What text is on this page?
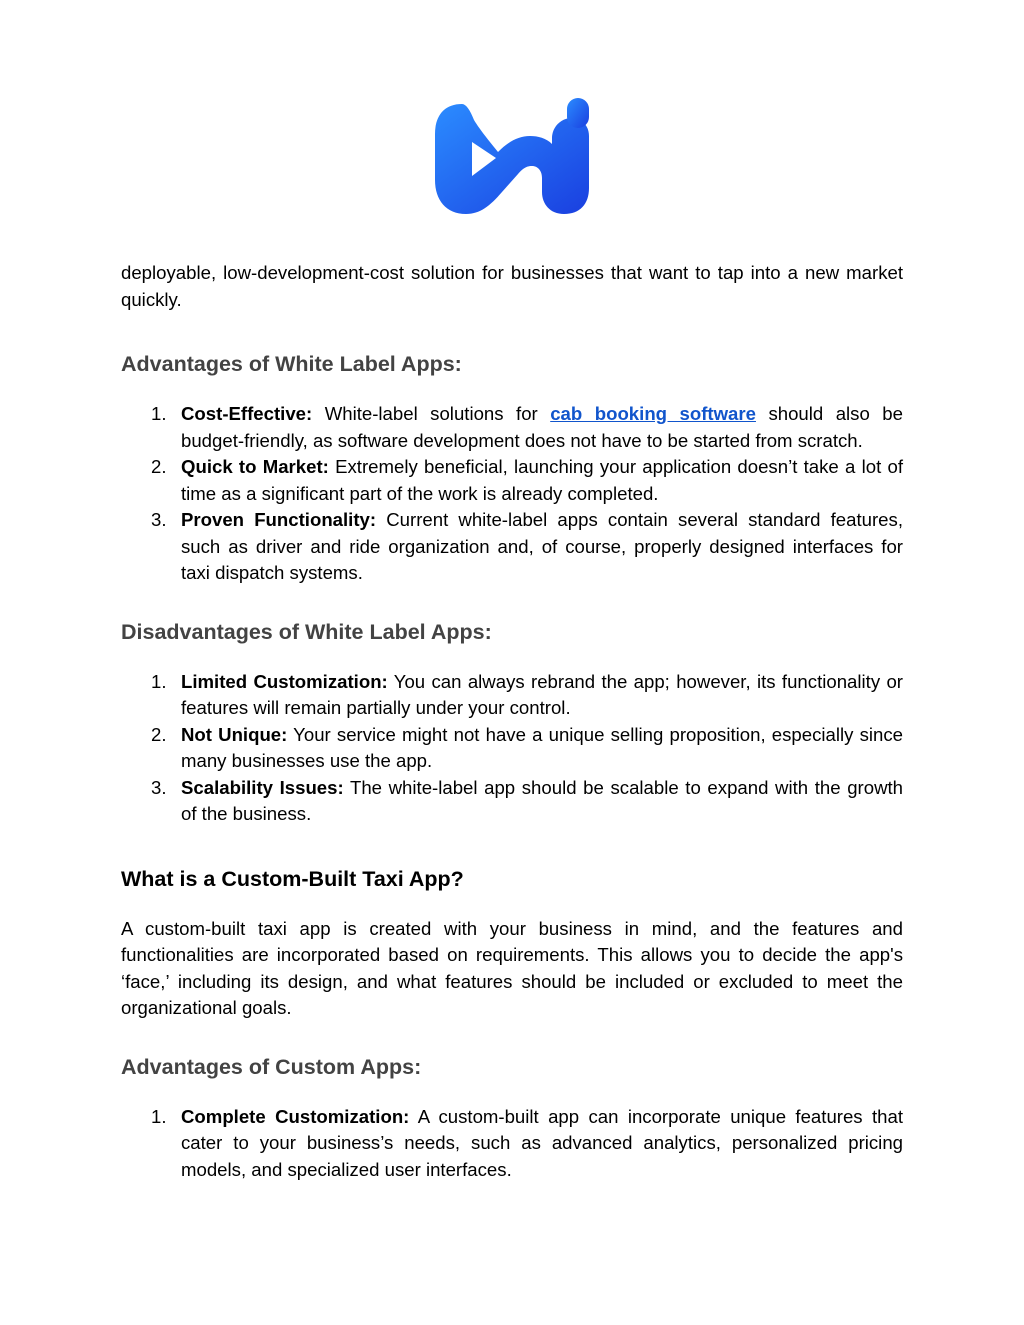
deployable, low-development-cost solution for businesses that want to tap into a new market quickly.

Advantages of White Label Apps:
1. Cost-Effective: White-label solutions for cab booking software should also be budget-friendly, as software development does not have to be started from scratch.
2. Quick to Market: Extremely beneficial, launching your application doesn’t take a lot of time as a significant part of the work is already completed.
3. Proven Functionality: Current white-label apps contain several standard features, such as driver and ride organization and, of course, properly designed interfaces for taxi dispatch systems.
Disadvantages of White Label Apps:
1. Limited Customization: You can always rebrand the app; however, its functionality or features will remain partially under your control.
2. Not Unique: Your service might not have a unique selling proposition, especially since many businesses use the app.
3. Scalability Issues: The white-label app should be scalable to expand with the growth of the business.
What is a Custom-Built Taxi App?

A custom-built taxi app is created with your business in mind, and the features and functionalities are incorporated based on requirements. This allows you to decide the app's ‘face,’ including its design, and what features should be included or excluded to meet the organizational goals.

Advantages of Custom Apps:
1. Complete Customization: A custom-built app can incorporate unique features that cater to your business’s needs, such as advanced analytics, personalized pricing models, and specialized user interfaces.
